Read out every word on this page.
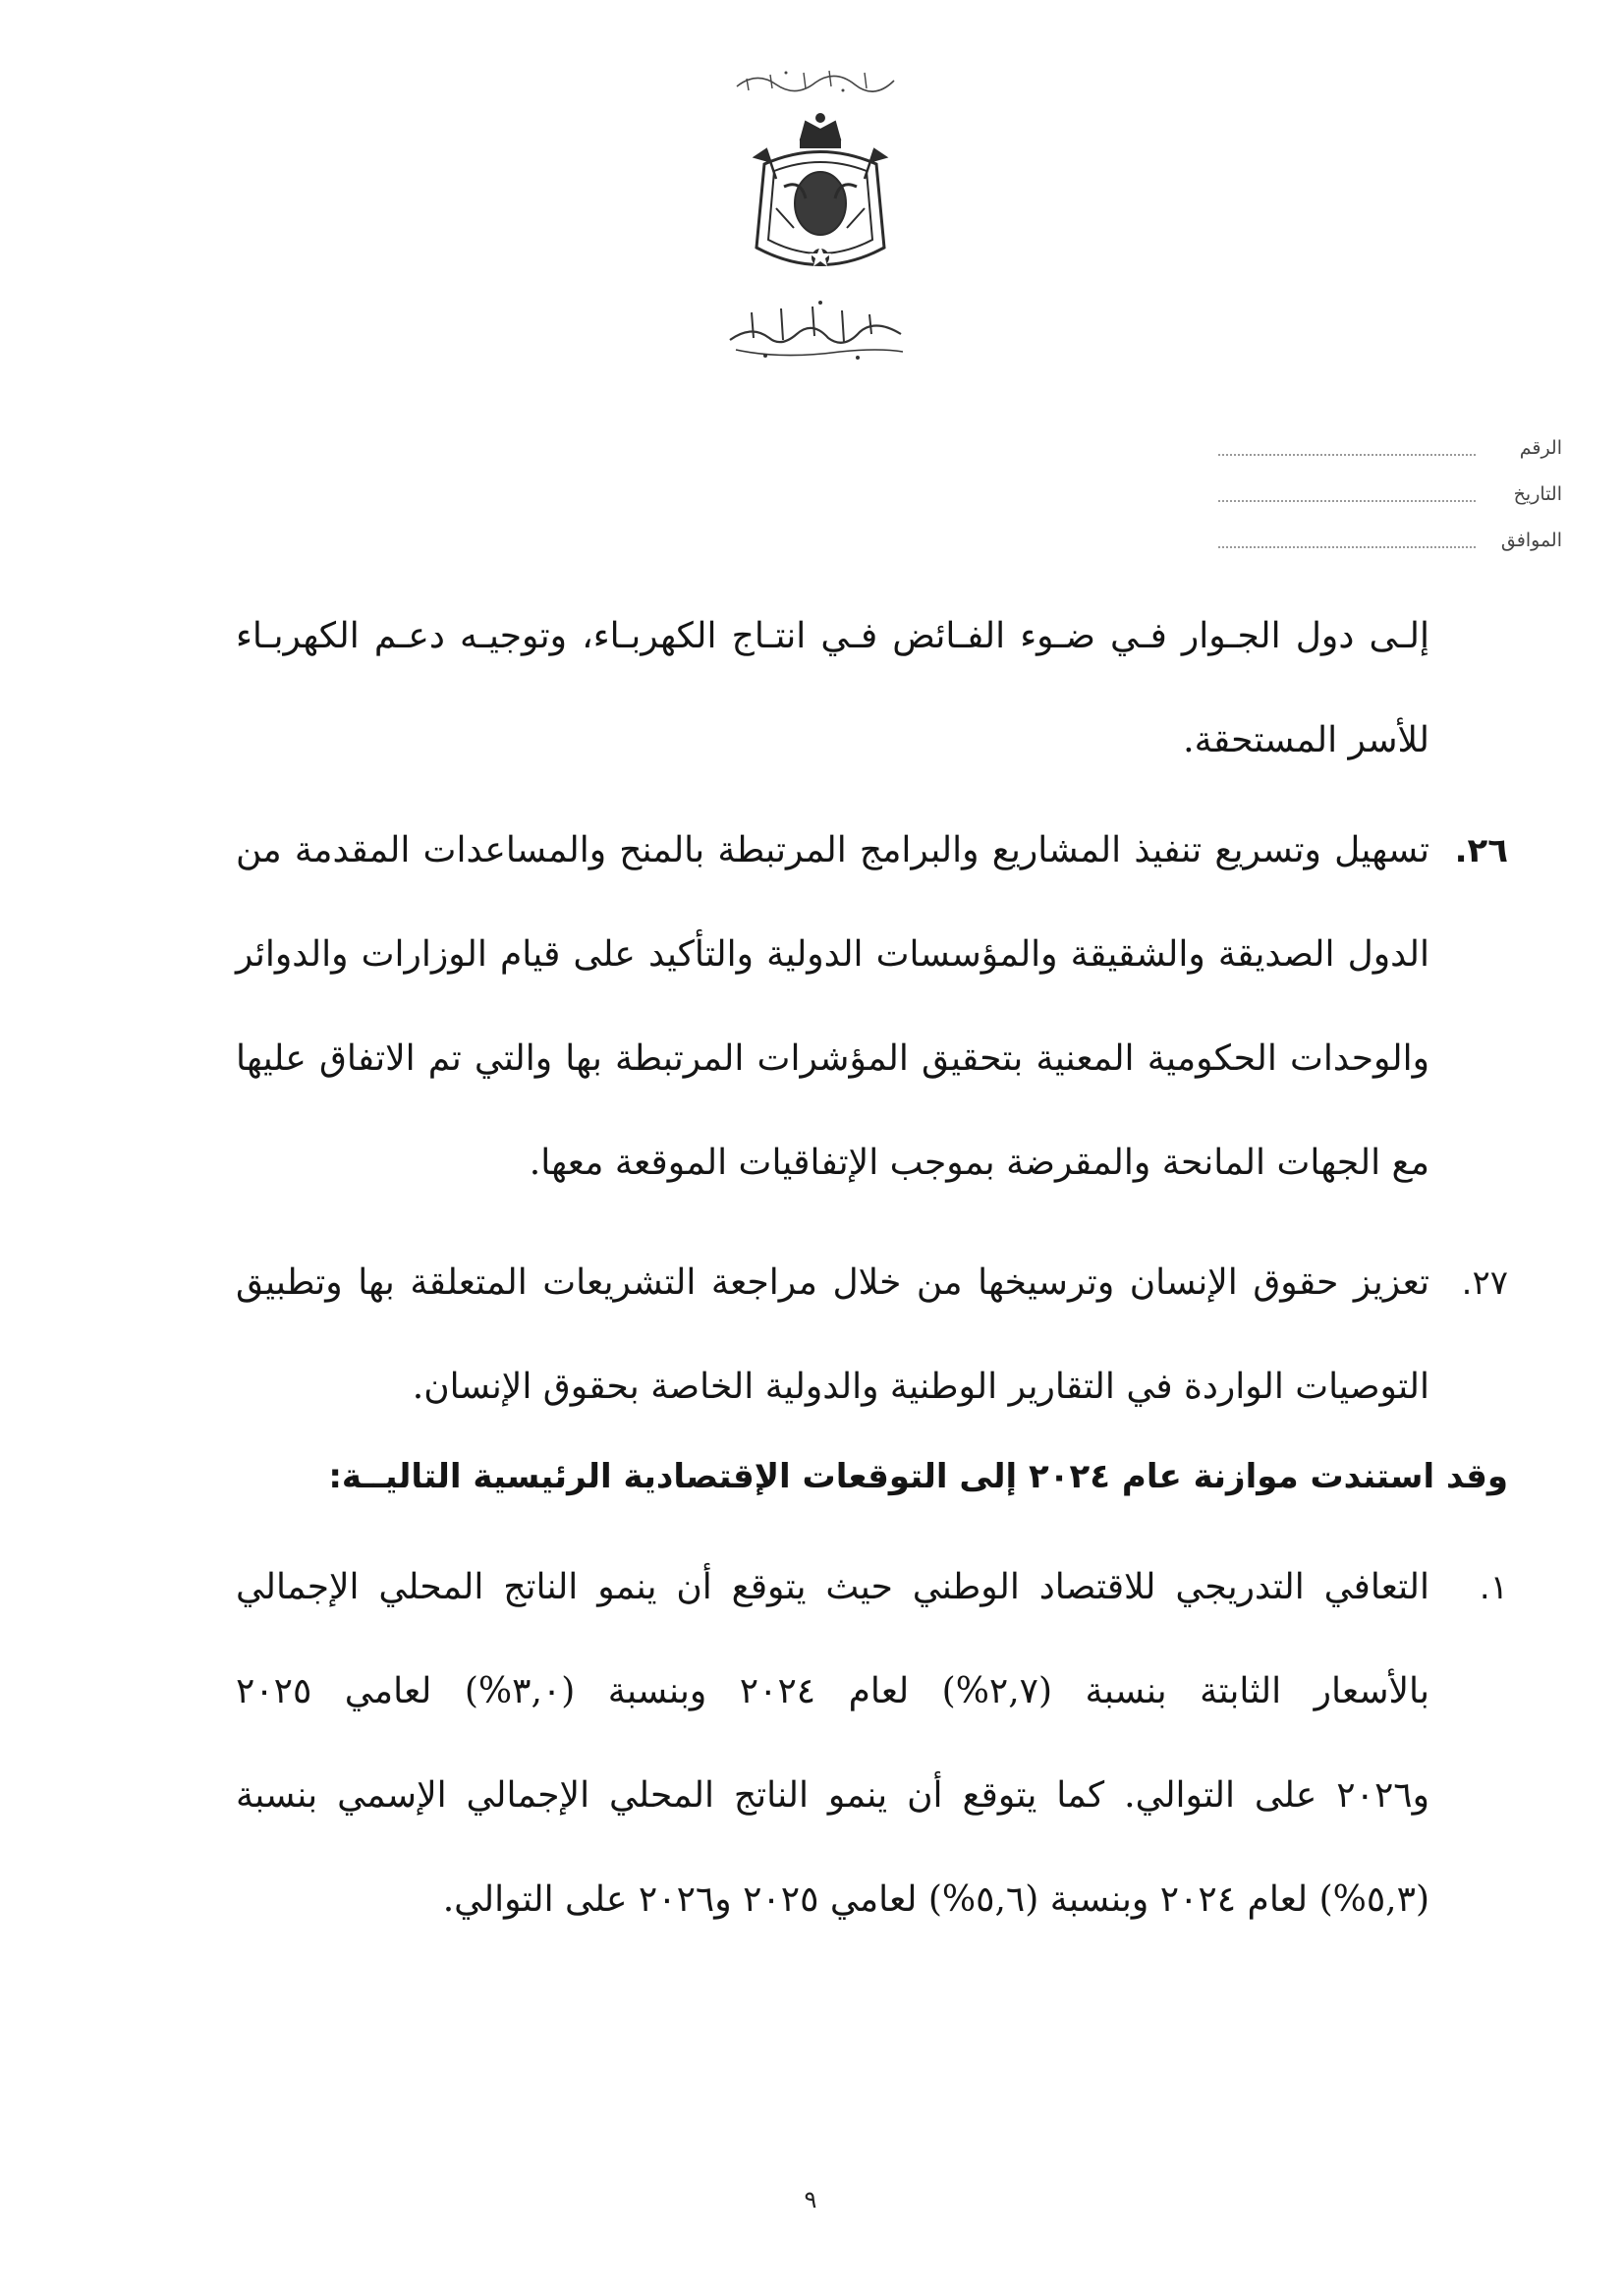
الرقم
التاريخ
الموافق
إلـى دول الجـوار فـي ضـوء الفـائض فـي انتـاج الكهربـاء، وتوجيـه دعـم الكهربـاء
للأسر المستحقة.
٢٦.
تسهيل وتسريع تنفيذ المشاريع والبرامج المرتبطة بالمنح والمساعدات المقدمة من
الدول الصديقة والشقيقة والمؤسسات الدولية والتأكيد على قيام الوزارات والدوائر
والوحدات الحكومية المعنية بتحقيق المؤشرات المرتبطة بها والتي تم الاتفاق عليها
مع الجهات المانحة والمقرضة بموجب الإتفاقيات الموقعة معها.
٢٧.
تعزيز حقوق الإنسان وترسيخها من خلال مراجعة التشريعات المتعلقة بها وتطبيق
التوصيات الواردة في التقارير الوطنية والدولية الخاصة بحقوق الإنسان.
وقد استندت موازنة عام ٢٠٢٤ إلى التوقعات الإقتصادية الرئيسية التاليــة:
١.
التعافي التدريجي للاقتصاد الوطني حيث يتوقع أن ينمو الناتج المحلي الإجمالي
بالأسعار الثابتة بنسبة (٢,٧%) لعام ٢٠٢٤ وبنسبة (٣,٠%) لعامي ٢٠٢٥
و٢٠٢٦ على التوالي. كما يتوقع أن ينمو الناتج المحلي الإجمالي الإسمي بنسبة
(٥,٣%) لعام ٢٠٢٤ وبنسبة (٥,٦%) لعامي ٢٠٢٥ و٢٠٢٦ على التوالي.
٩
